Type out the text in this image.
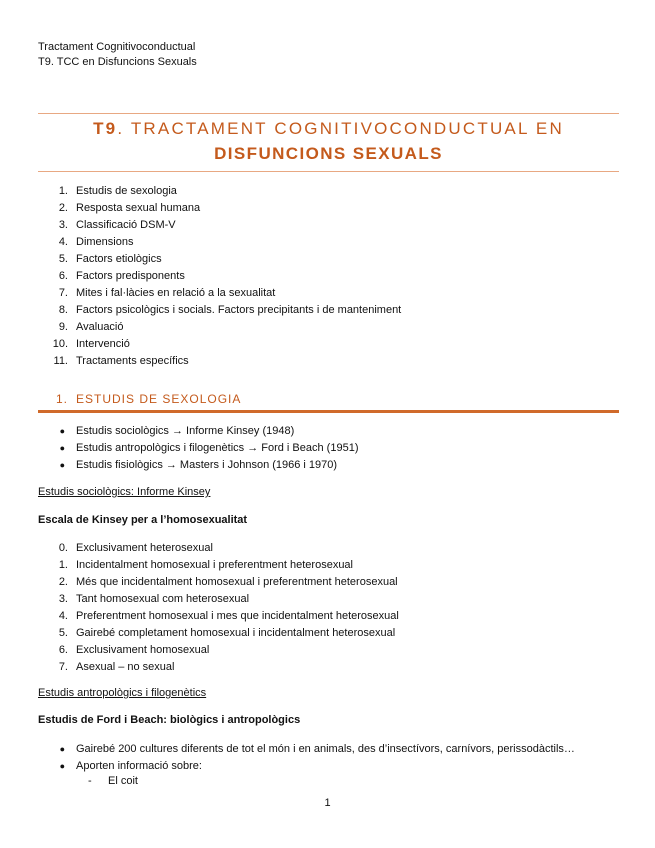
Tractament Cognitivoconductual
T9. TCC en Disfuncions Sexuals
T9. TRACTAMENT COGNITIVOCONDUCTUAL EN
DISFUNCIONS SEXUALS
1. Estudis de sexologia
2. Resposta sexual humana
3. Classificació DSM-V
4. Dimensions
5. Factors etiològics
6. Factors predisponents
7. Mites i fal·làcies en relació a la sexualitat
8. Factors psicològics i socials. Factors precipitants i de manteniment
9. Avaluació
10. Intervenció
11. Tractaments específics
1. ESTUDIS DE SEXOLOGIA
● Estudis sociològics → Informe Kinsey (1948)
● Estudis antropològics i filogenètics → Ford i Beach (1951)
● Estudis fisiològics → Masters i Johnson (1966 i 1970)
Estudis sociològics: Informe Kinsey
Escala de Kinsey per a l’homosexualitat
0. Exclusivament heterosexual
1. Incidentalment homosexual i preferentment heterosexual
2. Més que incidentalment homosexual i preferentment heterosexual
3. Tant homosexual com heterosexual
4. Preferentment homosexual i mes que incidentalment heterosexual
5. Gairebé completament homosexual i incidentalment heterosexual
6. Exclusivament homosexual
7. Asexual – no sexual
Estudis antropològics i filogenètics
Estudis de Ford i Beach: biològics i antropològics
● Gairebé 200 cultures diferents de tot el món i en animals, des d’insectívors, carnívors, perissodàctils…
● Aporten informació sobre:
- El coit
1
